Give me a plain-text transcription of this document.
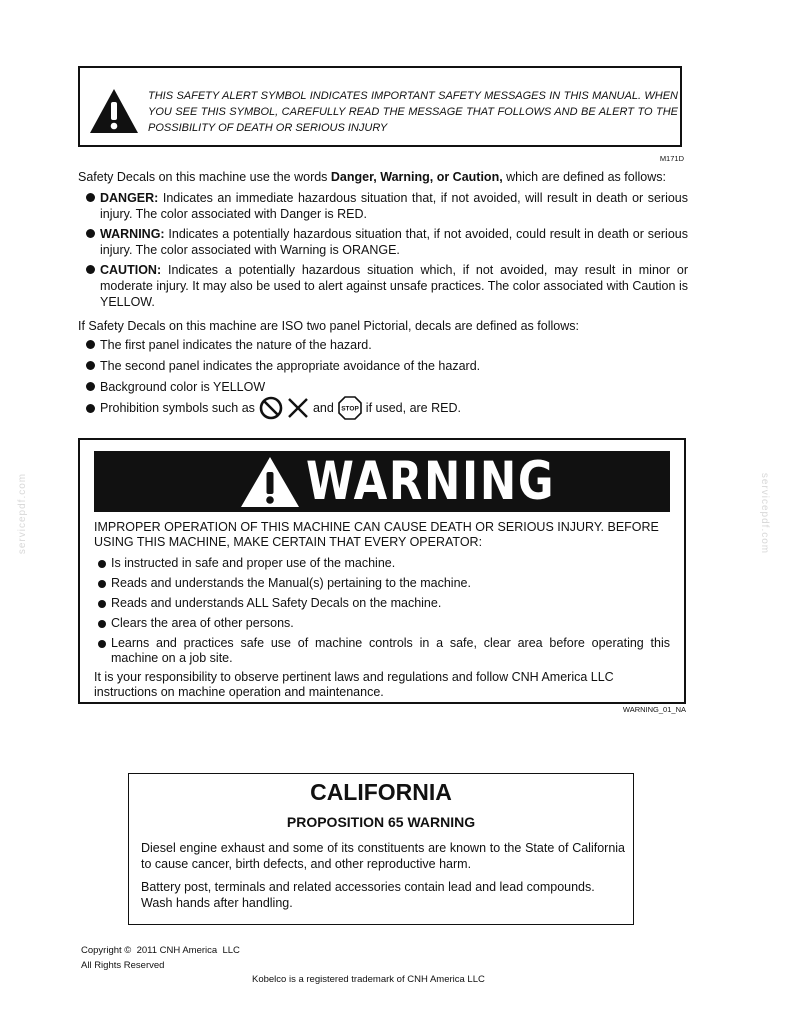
THIS SAFETY ALERT SYMBOL INDICATES IMPORTANT SAFETY MESSAGES IN THIS MANUAL. WHEN YOU SEE THIS SYMBOL, CAREFULLY READ THE MESSAGE THAT FOLLOWS AND BE ALERT TO THE POSSIBILITY OF DEATH OR SERIOUS INJURY
M171D
Safety Decals on this machine use the words Danger, Warning, or Caution, which are defined as follows:
DANGER: Indicates an immediate hazardous situation that, if not avoided, will result in death or serious injury. The color associated with Danger is RED.
WARNING: Indicates a potentially hazardous situation that, if not avoided, could result in death or serious injury. The color associated with Warning is ORANGE.
CAUTION: Indicates a potentially hazardous situation which, if not avoided, may result in minor or moderate injury. It may also be used to alert against unsafe practices. The color associated with Caution is YELLOW.
If Safety Decals on this machine are ISO two panel Pictorial, decals are defined as follows:
The first panel indicates the nature of the hazard.
The second panel indicates the appropriate avoidance of the hazard.
Background color is YELLOW
Prohibition symbols such as	and STOP if used, are RED.
WARNING
IMPROPER OPERATION OF THIS MACHINE CAN CAUSE DEATH OR SERIOUS INJURY. BEFORE USING THIS MACHINE, MAKE CERTAIN THAT EVERY OPERATOR:
Is instructed in safe and proper use of the machine.
Reads and understands the Manual(s) pertaining to the machine.
Reads and understands ALL Safety Decals on the machine.
Clears the area of other persons.
Learns and practices safe use of machine controls in a safe, clear area before operating this machine on a job site.
It is your responsibility to observe pertinent laws and regulations and follow CNH America LLC instructions on machine operation and maintenance.
WARNING_01_NA
CALIFORNIA
PROPOSITION 65 WARNING
Diesel engine exhaust and some of its constituents are known to the State of California to cause cancer, birth defects, and other reproductive harm.
Battery post, terminals and related accessories contain lead and lead compounds. Wash hands after handling.
Copyright ©  2011 CNH America  LLC
All Rights Reserved
Kobelco is a registered trademark of CNH America LLC
servicepdf.com	servicepdf.com
